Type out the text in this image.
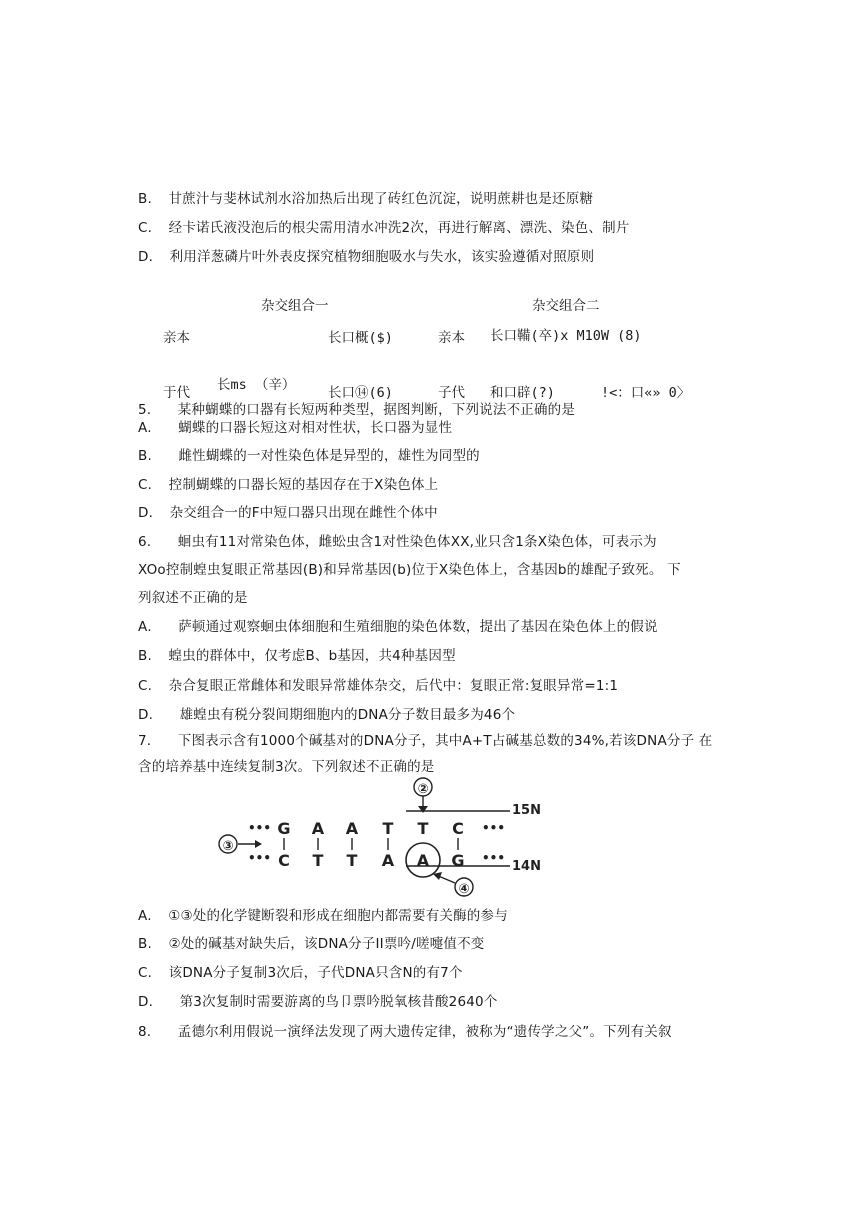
B. 甘蔗汁与斐林试剂水浴加热后出现了砖红色沉淀，说明蔗耕也是还原糖
C. 经卡诺氏液没泡后的根尖需用清水冲洗2次，再进行解离、漂洗、染色、制片
D. 利用洋葱磷片叶外表皮探究植物细胞吸水与失水，该实验遵循对照原则
杂交组合一	杂交组合二
亲本	长口概($)	亲本 长口鞴(卒)x M10W (8)
长ms （辛）
于代	长口⑭(6)	子代 和口辟(?)	!<：口«» 0〉
5. 某种蝴蝶的口器有长短两种类型，据图判断，下列说法不正确的是
A. 蝴蝶的口器长短这对相对性状，长口器为显性
B. 雌性蝴蝶的一对性染色体是异型的，雄性为同型的
C. 控制蝴蝶的口器长短的基因存在于X染色体上
D. 杂交组合一的F中短口器只出现在雌性个体中
6. 蛔虫有11对常染色体，雌蚣虫含1对性染色体XX,业只含1条X染色体，可表示为
XOo控制蝗虫复眼正常基因(B)和异常基因(b)位于X染色体上，含基因b的雄配子致死。 下
列叙述不正确的是
A. 萨顿通过观察蛔虫体细胞和生殖细胞的染色体数，提出了基因在染色体上的假说
B. 蝗虫的群体中，仅考虑B、b基因，共4种基因型
C. 杂合复眼正常雌体和发眼异常雄体杂交，后代中：复眼正常:复眼异常=1:1
D. 雄蝗虫有税分裂间期细胞内的DNA分子数目最多为46个
7. 下图表示含有1000个碱基对的DNA分子，其中A+T占碱基总数的34%,若该DNA分子 在
含的培养基中连续复制3次。下列叙述不正确的是
②
15N
••• G A A T T C •••
③
••• C T T A A G •••
14N
④
A. ①③处的化学键断裂和形成在细胞内都需要有关酶的参与
B. ②处的碱基对缺失后，该DNA分子II票吟/嗟嚏值不变
C. 该DNA分子复制3次后，子代DNA只含N的有7个
D. 第3次复制时需要游离的鸟卩票吟脱氧核昔酸2640个
8. 孟德尔利用假说一演绎法发现了两大遗传定律，被称为“遗传学之父”。下列有关叙
